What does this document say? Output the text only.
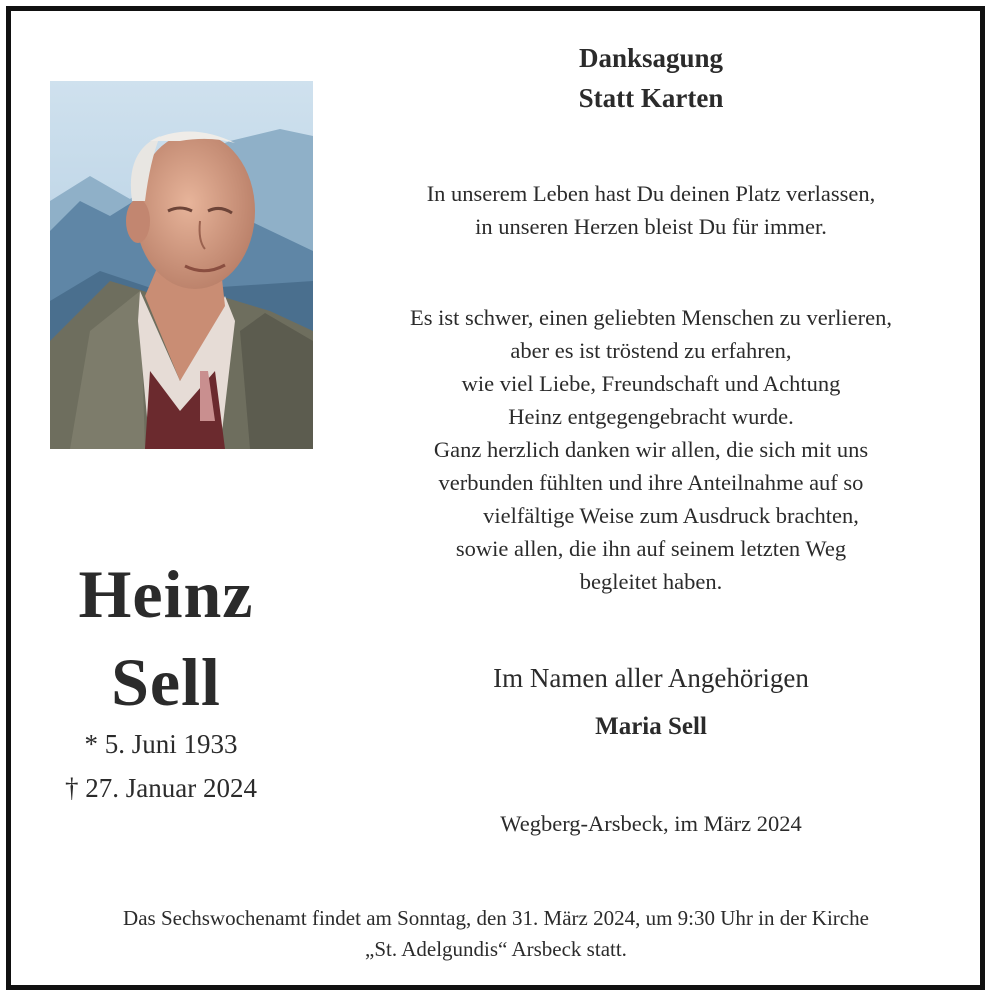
Heinz
Sell
* 5. Juni 1933
† 27. Januar 2024
Danksagung
Statt Karten
In unserem Leben hast Du deinen Platz verlassen,
in unseren Herzen bleist Du für immer.
Es ist schwer, einen geliebten Menschen zu verlieren,
aber es ist tröstend zu erfahren,
wie viel Liebe, Freundschaft und Achtung
Heinz entgegengebracht wurde.
Ganz herzlich danken wir allen, die sich mit uns
verbunden fühlten und ihre Anteilnahme auf so
vielfältige Weise zum Ausdruck brachten,
sowie allen, die ihn auf seinem letzten Weg
begleitet haben.
Im Namen aller Angehörigen
Maria Sell
Wegberg-Arsbeck, im März 2024
Das Sechswochenamt findet am Sonntag, den 31. März 2024, um 9:30 Uhr in der Kirche
„St. Adelgundis“ Arsbeck statt.
